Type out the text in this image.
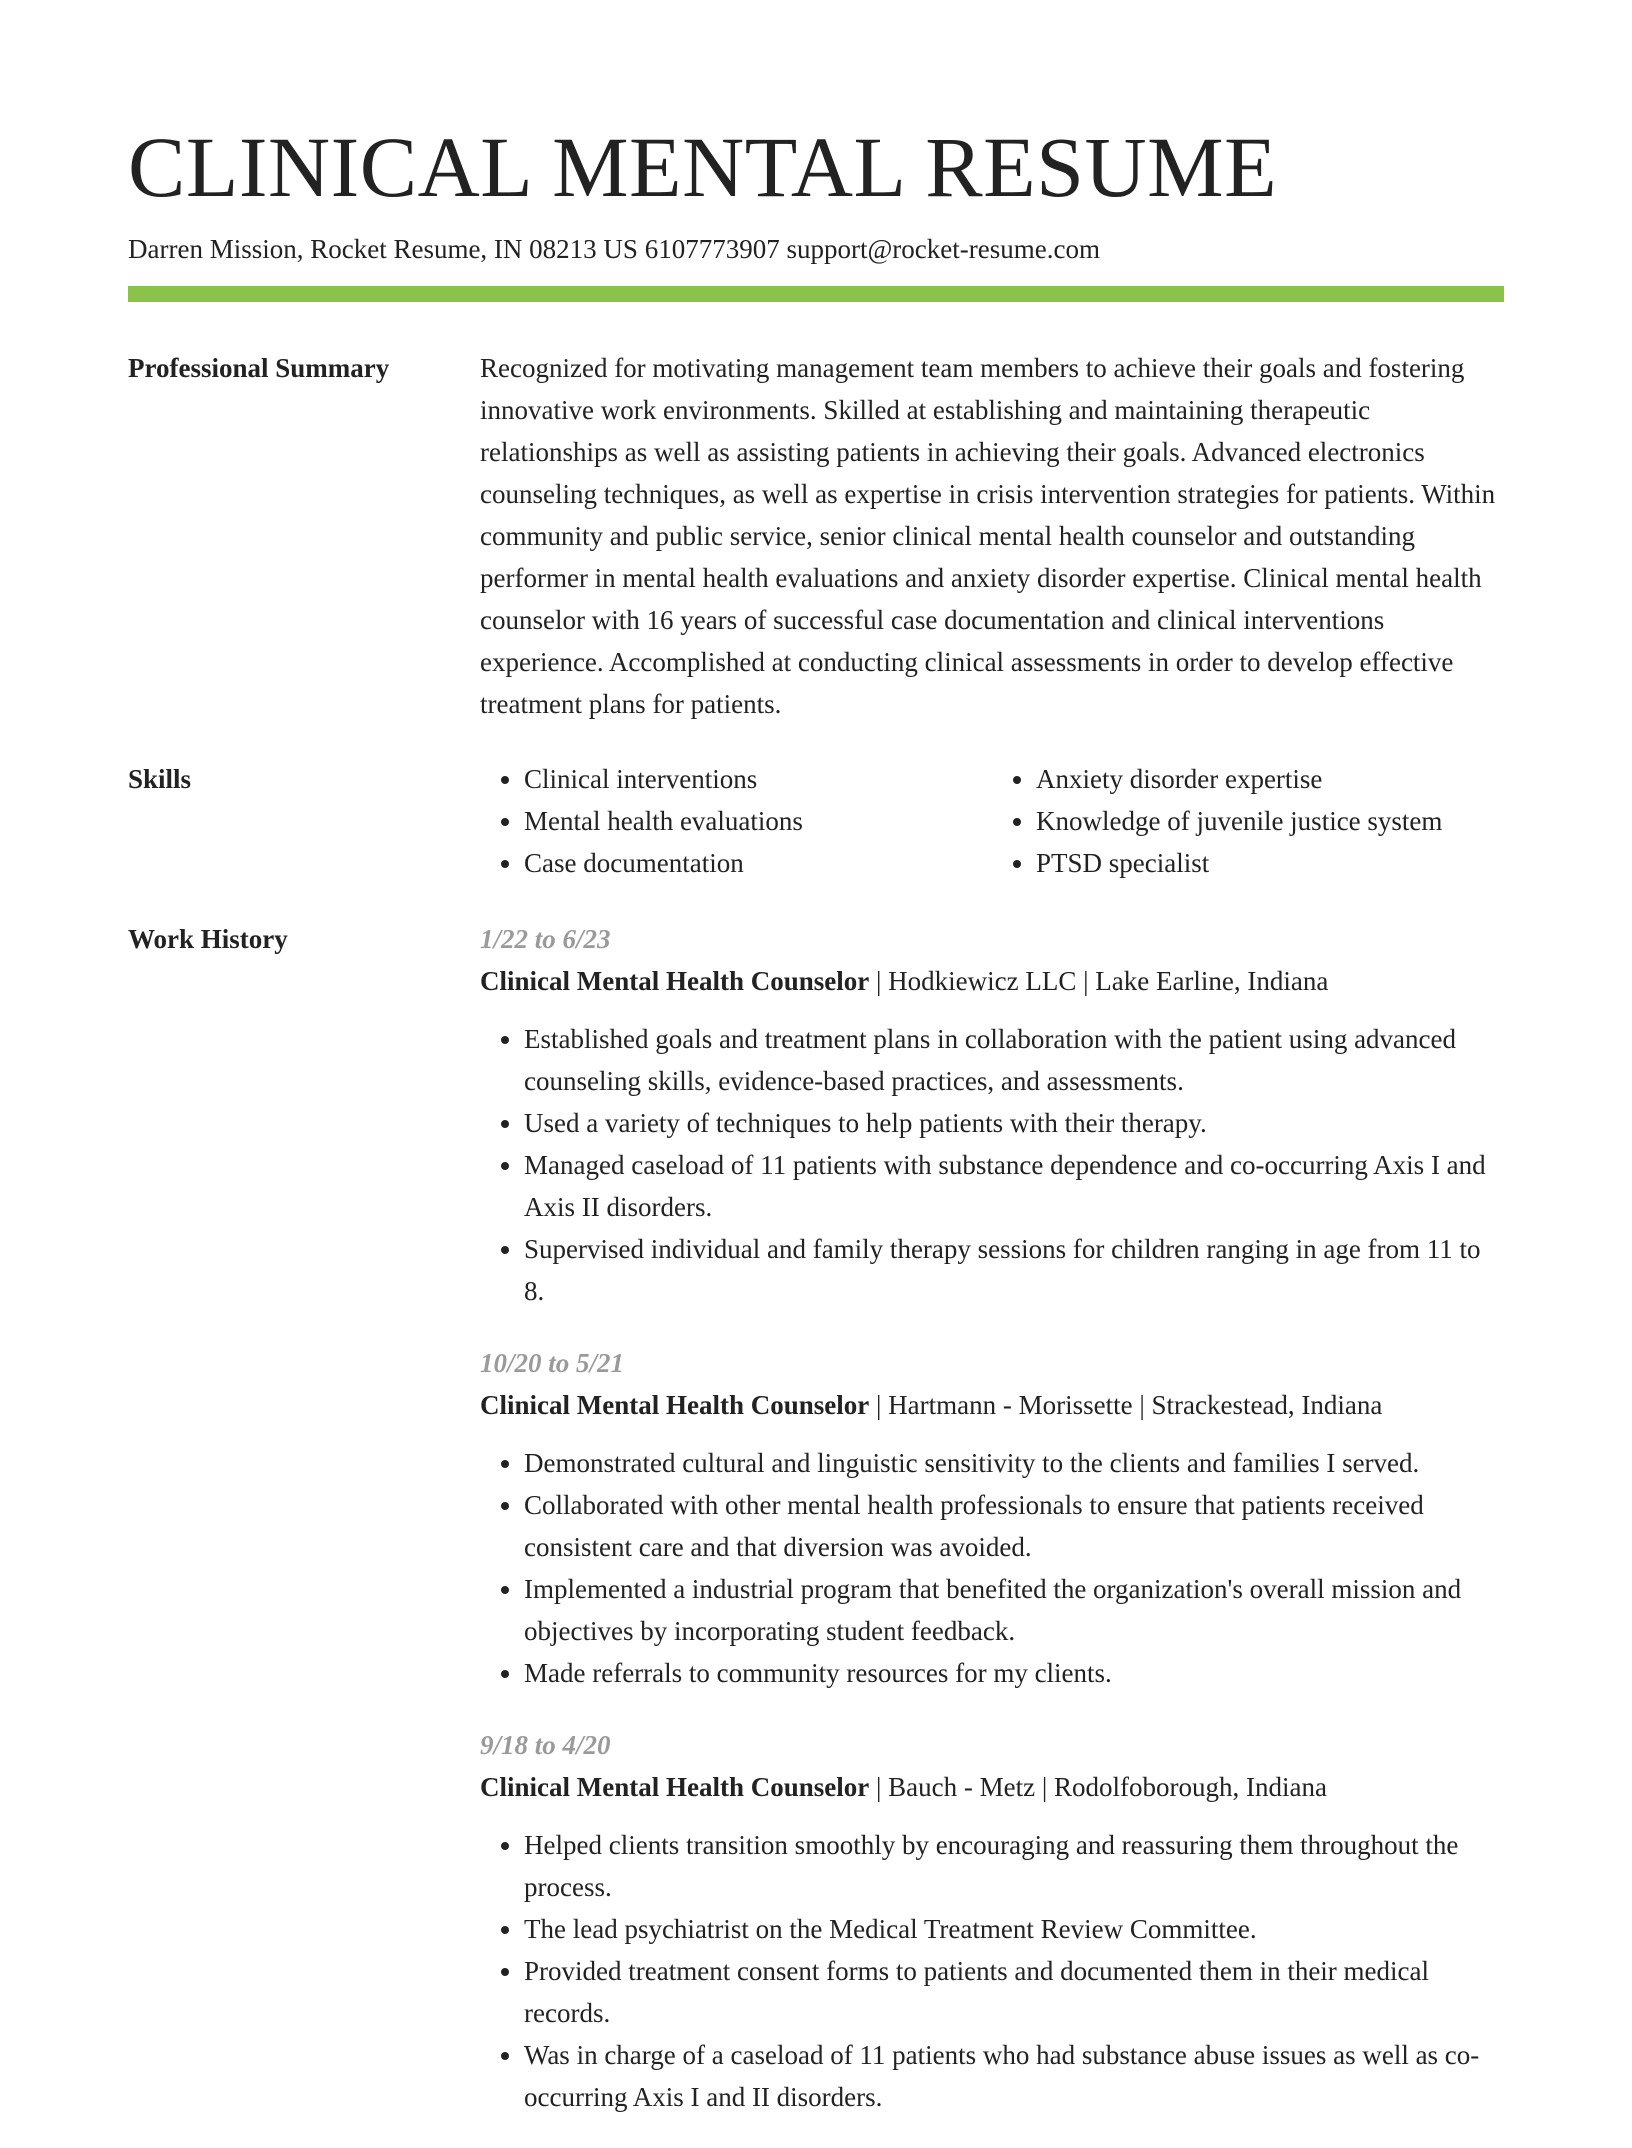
CLINICAL MENTAL RESUME
Darren Mission, Rocket Resume, IN 08213 US 6107773907 support@rocket-resume.com
Professional Summary	Recognized for motivating management team members to achieve their goals and fostering innovative work environments. Skilled at establishing and maintaining therapeutic relationships as well as assisting patients in achieving their goals. Advanced electronics counseling techniques, as well as expertise in crisis intervention strategies for patients. Within community and public service, senior clinical mental health counselor and outstanding performer in mental health evaluations and anxiety disorder expertise. Clinical mental health counselor with 16 years of successful case documentation and clinical interventions experience. Accomplished at conducting clinical assessments in order to develop effective treatment plans for patients.

Skills
•	Clinical interventions
• Mental health evaluations
• Case documentation
• Anxiety disorder expertise
• Knowledge of juvenile justice system
• PTSD specialist
Work History	1/22 to 6/23
Clinical Mental Health Counselor | Hodkiewicz LLC | Lake Earline, Indiana
• Established goals and treatment plans in collaboration with the patient using advanced counseling skills, evidence-based practices, and assessments.
• Used a variety of techniques to help patients with their therapy.
• Managed caseload of 11 patients with substance dependence and co-occurring Axis I and Axis II disorders.
• Supervised individual and family therapy sessions for children ranging in age from 11 to 8.
10/20 to 5/21
Clinical Mental Health Counselor | Hartmann - Morissette | Strackestead, Indiana
• Demonstrated cultural and linguistic sensitivity to the clients and families I served.
• Collaborated with other mental health professionals to ensure that patients received consistent care and that diversion was avoided.
• Implemented a industrial program that benefited the organization's overall mission and objectives by incorporating student feedback.
• Made referrals to community resources for my clients.
9/18 to 4/20
Clinical Mental Health Counselor | Bauch - Metz | Rodolfoborough, Indiana
• Helped clients transition smoothly by encouraging and reassuring them throughout the process.
• The lead psychiatrist on the Medical Treatment Review Committee.
• Provided treatment consent forms to patients and documented them in their medical records.
• Was in charge of a caseload of 11 patients who had substance abuse issues as well as co-occurring Axis I and II disorders.
